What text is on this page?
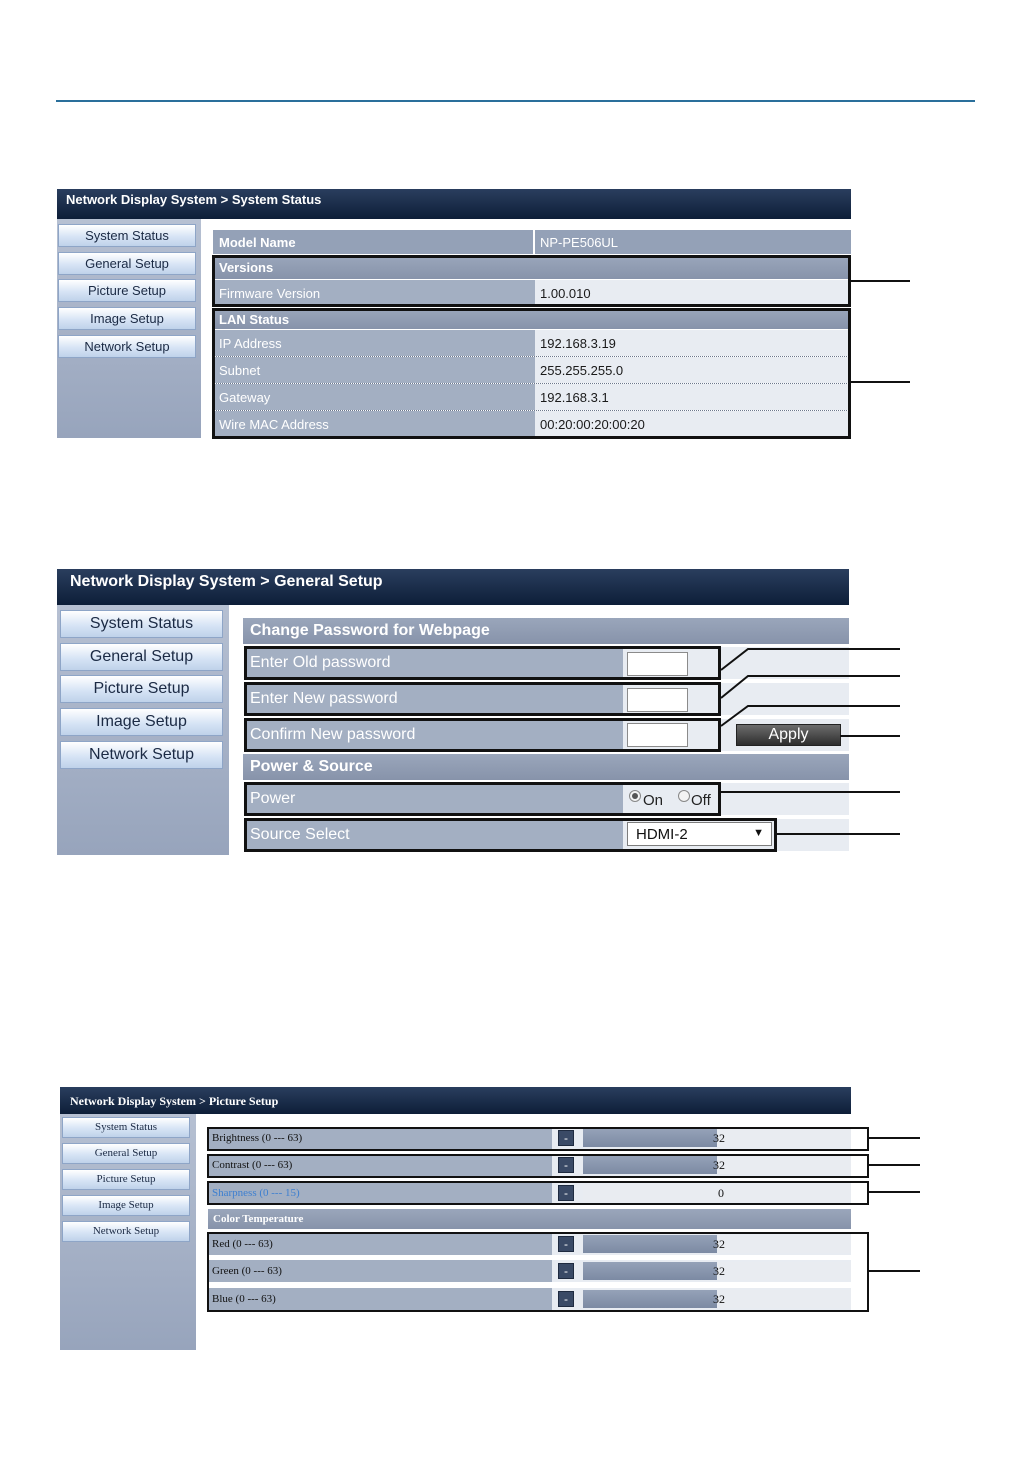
Network Display System > System Status
System Status
General Setup
Picture Setup
Image Setup
Network Setup
Model Name	NP-PE506UL
Versions
Firmware Version	1.00.010
LAN Status
IP Address	192.168.3.19
Subnet	255.255.255.0
Gateway	192.168.3.1
Wire MAC Address	00:20:00:20:00:20
Network Display System > General Setup
System Status
General Setup
Picture Setup
Image Setup
Network Setup
Change Password for Webpage
Enter Old password
Enter New password
Confirm New password	Apply
Power & Source
Power	On Off
Source Select	HDMI-2	▼
Network Display System > Picture Setup
System Status
General Setup
Picture Setup
Image Setup
Network Setup
Brightness (0 --- 63)	-	32
Contrast (0 --- 63)	-	32
Sharpness (0 --- 15)	-	0
Color Temperature
Red (0 --- 63)	-	32
Green (0 --- 63)	-	32
Blue (0 --- 63)	-	32
